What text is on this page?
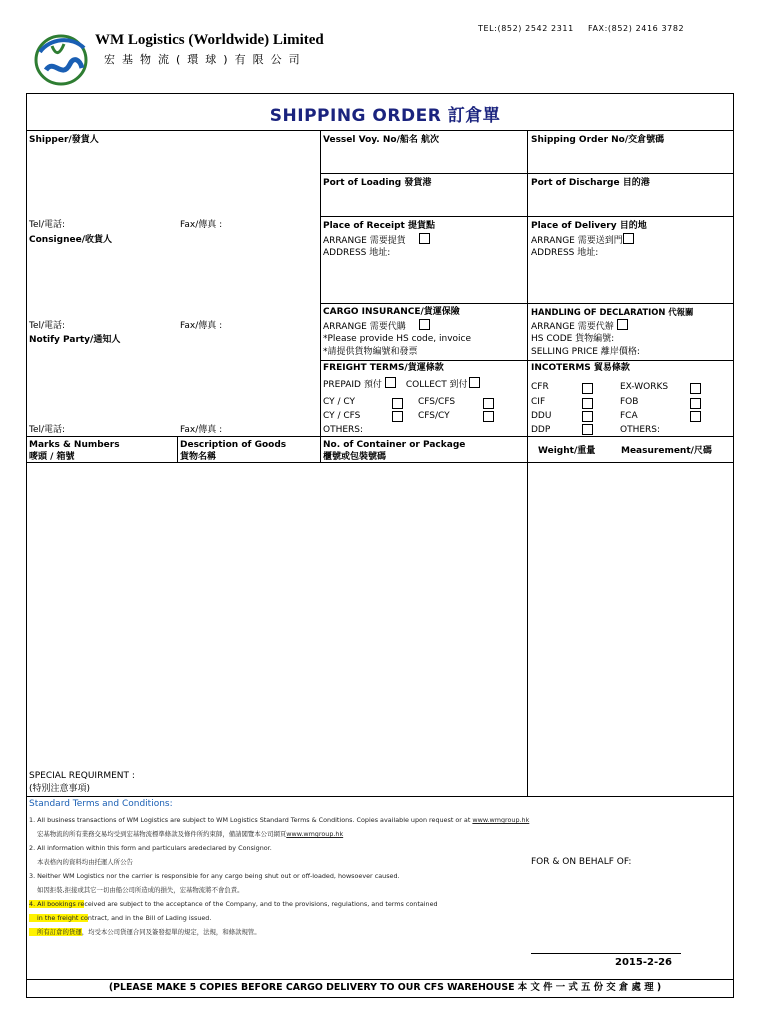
TEL:(852) 2542 2311 FAX:(852) 2416 3782
WM Logistics (Worldwide) Limited
宏基物流(環球)有限公司
SHIPPING ORDER 訂倉單
Shipper/發貨人
Tel/電話:	Fax/傳真 :
Consignee/收貨人
Tel/電話:	Fax/傳真 :
Notify Party/通知人
Tel/電話:	Fax/傳真 :
Vessel Voy. No/船名 航次
Port of Loading 發貨港
Place of Receipt 提貨點
ARRANGE 需要提貨
ADDRESS 地址:
CARGO INSURANCE/貨運保險
ARRANGE 需要代購
*Please provide HS code, invoice
*請提供貨物編號和發票
FREIGHT TERMS/貨運條款
PREPAID 預付	COLLECT 到付
CY / CY	CFS/CFS
CY / CFS	CFS/CY
OTHERS:
Shipping Order No/交倉號碼
Port of Discharge 目的港
Place of Delivery 目的地
ARRANGE 需要送到門
ADDRESS 地址:
HANDLING OF DECLARATION 代報關
ARRANGE 需要代辦
HS CODE 貨物編號:
SELLING PRICE 離岸價格:
INCOTERMS 貿易條款
CFR	EX-WORKS
CIF	FOB
DDU	FCA
DDP	OTHERS:
Marks & Numbers
嘜頭 / 箱號
Description of Goods
貨物名稱
No. of Container or Package
櫃號或包裝號碼
Weight/重量	Measurement/尺碼
SPECIAL REQUIRMENT :
(特別注意事項)
Standard Terms and Conditions:
1. All business transactions of WM Logistics are subject to WM Logistics Standard Terms & Conditions. Copies available upon request or at www.wmgroup.hk
宏基物流的所有業務交易均受到宏基物流標準條款及條件所約束師，備請閣覽本公司網頁www.wmgroup.hk
2. All information within this form and particulars aredeclared by Consignor.
本表格內的資料均由托運人所公告
3. Neither WM Logistics nor the carrier is responsible for any cargo being shut out or off-loaded, howsoever caused.
如因拒裝,拒接或其它一切由船公司所造成的損失，宏基物流將不會負責。
4. All bookings received are subject to the acceptance of the Company, and to the provisions, regulations, and terms contained
in the freight contract, and in the Bill of Lading issued.
所有訂倉的貨運，均受本公司貨運合同及簽發提單的規定，法規，和條款規管。
FOR & ON BEHALF OF:
2015-2-26
(PLEASE MAKE 5 COPIES BEFORE CARGO DELIVERY TO OUR CFS WAREHOUSE 本 文 件 一 式 五 份 交 倉 處 理 )
